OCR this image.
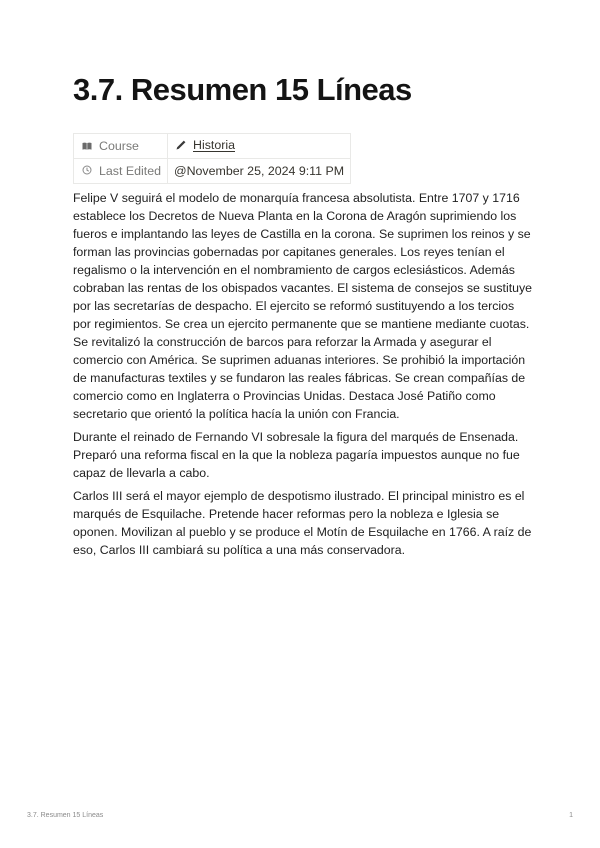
3.7. Resumen 15 Líneas
Course	Historia
Last Edited	@November 25, 2024 9:11 PM

Felipe V seguirá el modelo de monarquía francesa absolutista. Entre 1707 y 1716 establece los Decretos de Nueva Planta en la Corona de Aragón suprimiendo los fueros e implantando las leyes de Castilla en la corona. Se suprimen los reinos y se forman las provincias gobernadas por capitanes generales. Los reyes tenían el regalismo o la intervención en el nombramiento de cargos eclesiásticos. Además cobraban las rentas de los obispados vacantes. El sistema de consejos se sustituye por las secretarías de despacho. El ejercito se reformó sustituyendo a los tercios por regimientos. Se crea un ejercito permanente que se mantiene mediante cuotas. Se revitalizó la construcción de barcos para reforzar la Armada y asegurar el comercio con América. Se suprimen aduanas interiores. Se prohibió la importación de manufacturas textiles y se fundaron las reales fábricas. Se crean compañías de comercio como en Inglaterra o Provincias Unidas. Destaca José Patiño como secretario que orientó la política hacía la unión con Francia.

Durante el reinado de Fernando VI sobresale la figura del marqués de Ensenada. Preparó una reforma fiscal en la que la nobleza pagaría impuestos aunque no fue capaz de llevarla a cabo.

Carlos III será el mayor ejemplo de despotismo ilustrado. El principal ministro es el marqués de Esquilache. Pretende hacer reformas pero la nobleza e Iglesia se oponen. Movilizan al pueblo y se produce el Motín de Esquilache en 1766. A raíz de eso, Carlos III cambiará su política a una más conservadora.

3.7. Resumen 15 Líneas	1
